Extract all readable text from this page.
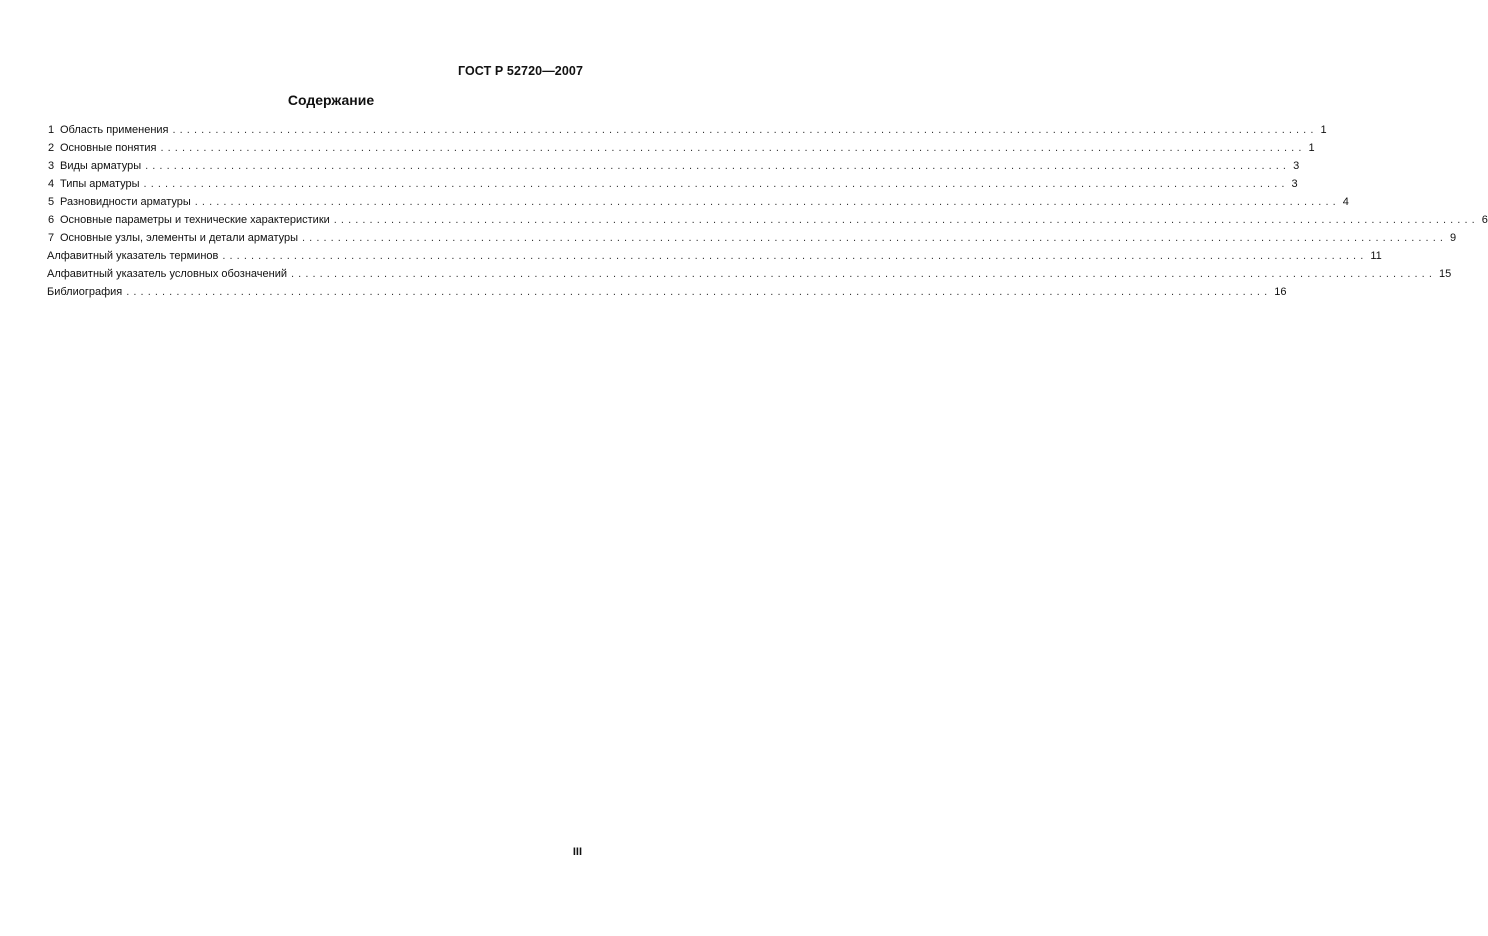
ГОСТ Р 52720—2007
Содержание
1 Область применения ................................................................................................................................................................ 1
2 Основные понятия ................................................................................................................................................................ 1
3 Виды арматуры ................................................................................................................................................................ 3
4 Типы арматуры ................................................................................................................................................................ 3
5 Разновидности арматуры ................................................................................................................................................................ 4
6 Основные параметры и технические характеристики ................................................................................................................................................................ 6
7 Основные узлы, элементы и детали арматуры ................................................................................................................................................................ 9
Алфавитный указатель терминов ................................................................................................................................................................ 11
Алфавитный указатель условных обозначений ................................................................................................................................................................ 15
Библиография ................................................................................................................................................................ 16
III
